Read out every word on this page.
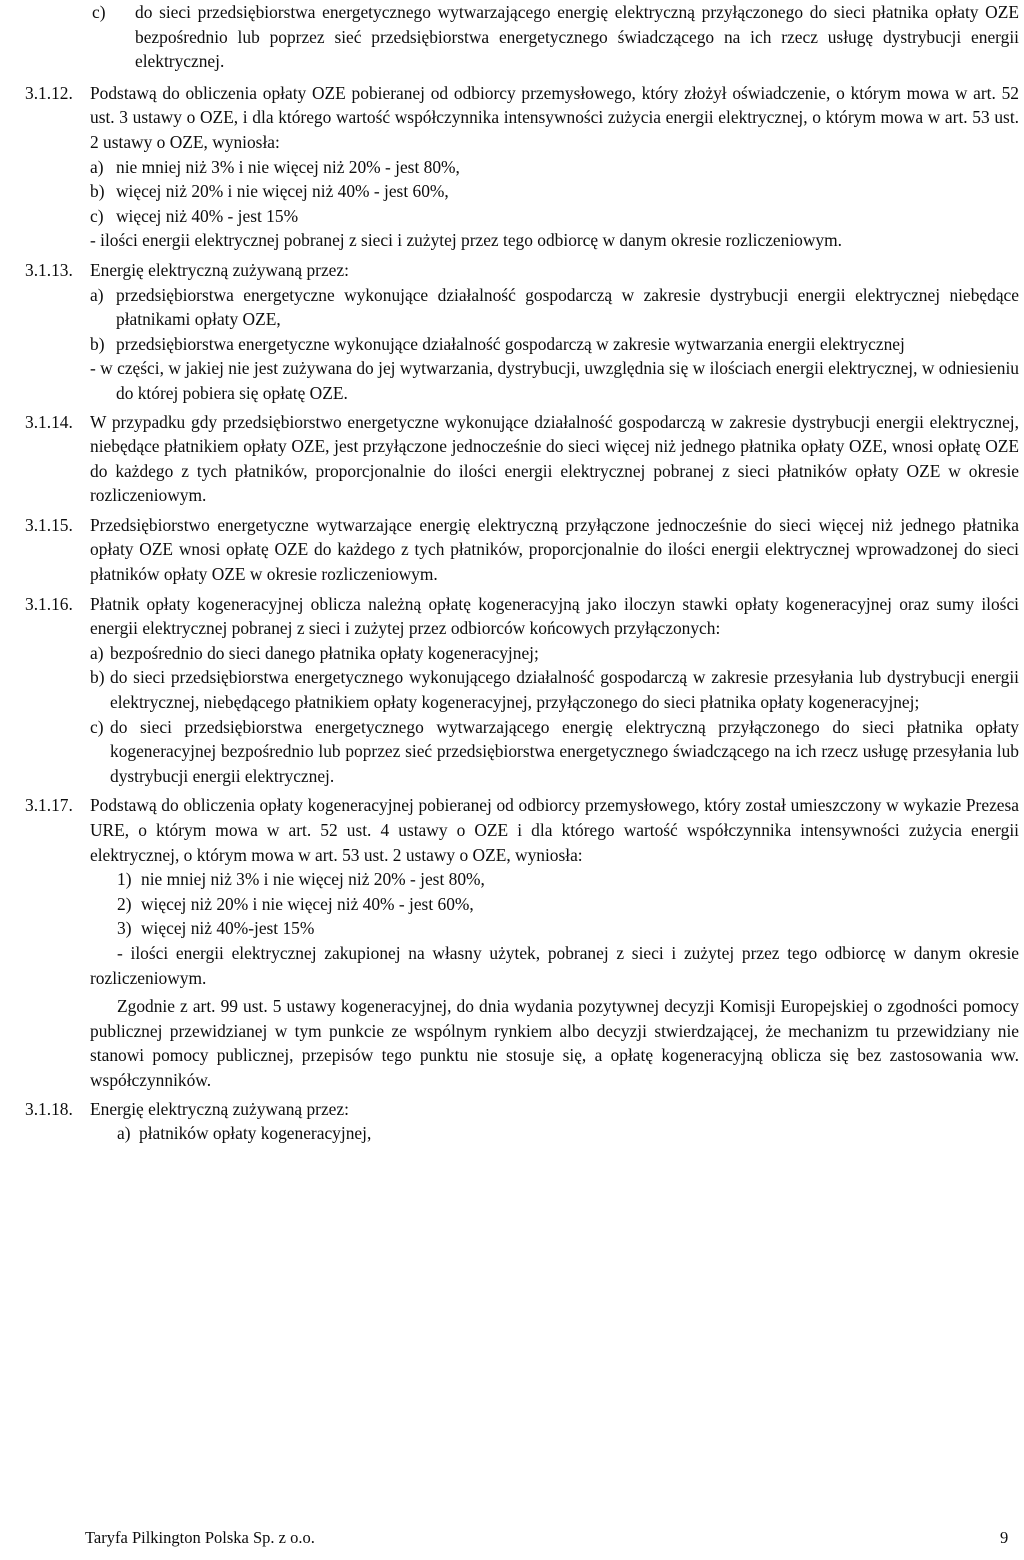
c) do sieci przedsiębiorstwa energetycznego wytwarzającego energię elektryczną przyłączonego do sieci płatnika opłaty OZE bezpośrednio lub poprzez sieć przedsiębiorstwa energetycznego świadczącego na ich rzecz usługę dystrybucji energii elektrycznej.
3.1.12. Podstawą do obliczenia opłaty OZE pobieranej od odbiorcy przemysłowego, który złożył oświadczenie, o którym mowa w art. 52 ust. 3 ustawy o OZE, i dla którego wartość współczynnika intensywności zużycia energii elektrycznej, o którym mowa w art. 53 ust. 2 ustawy o OZE, wyniosła:
a) nie mniej niż 3% i nie więcej niż 20% - jest 80%,
b) więcej niż 20% i nie więcej niż 40% - jest 60%,
c) więcej niż 40% - jest 15%
- ilości energii elektrycznej pobranej z sieci i zużytej przez tego odbiorcę w danym okresie rozliczeniowym.
3.1.13. Energię elektryczną zużywaną przez:
a) przedsiębiorstwa energetyczne wykonujące działalność gospodarczą w zakresie dystrybucji energii elektrycznej niebędące płatnikami opłaty OZE,
b) przedsiębiorstwa energetyczne wykonujące działalność gospodarczą w zakresie wytwarzania energii elektrycznej
- w części, w jakiej nie jest zużywana do jej wytwarzania, dystrybucji, uwzględnia się w ilościach energii elektrycznej, w odniesieniu do której pobiera się opłatę OZE.
3.1.14. W przypadku gdy przedsiębiorstwo energetyczne wykonujące działalność gospodarczą w zakresie dystrybucji energii elektrycznej, niebędące płatnikiem opłaty OZE, jest przyłączone jednocześnie do sieci więcej niż jednego płatnika opłaty OZE, wnosi opłatę OZE do każdego z tych płatników, proporcjonalnie do ilości energii elektrycznej pobranej z sieci płatników opłaty OZE w okresie rozliczeniowym.
3.1.15. Przedsiębiorstwo energetyczne wytwarzające energię elektryczną przyłączone jednocześnie do sieci więcej niż jednego płatnika opłaty OZE wnosi opłatę OZE do każdego z tych płatników, proporcjonalnie do ilości energii elektrycznej wprowadzonej do sieci płatników opłaty OZE w okresie rozliczeniowym.
3.1.16. Płatnik opłaty kogeneracyjnej oblicza należną opłatę kogeneracyjną jako iloczyn stawki opłaty kogeneracyjnej oraz sumy ilości energii elektrycznej pobranej z sieci i zużytej przez odbiorców końcowych przyłączonych:
a) bezpośrednio do sieci danego płatnika opłaty kogeneracyjnej;
b) do sieci przedsiębiorstwa energetycznego wykonującego działalność gospodarczą w zakresie przesyłania lub dystrybucji energii elektrycznej, niebędącego płatnikiem opłaty kogeneracyjnej, przyłączonego do sieci płatnika opłaty kogeneracyjnej;
c) do sieci przedsiębiorstwa energetycznego wytwarzającego energię elektryczną przyłączonego do sieci płatnika opłaty kogeneracyjnej bezpośrednio lub poprzez sieć przedsiębiorstwa energetycznego świadczącego na ich rzecz usługę przesyłania lub dystrybucji energii elektrycznej.
3.1.17. Podstawą do obliczenia opłaty kogeneracyjnej pobieranej od odbiorcy przemysłowego, który został umieszczony w wykazie Prezesa URE, o którym mowa w art. 52 ust. 4 ustawy o OZE i dla którego wartość współczynnika intensywności zużycia energii elektrycznej, o którym mowa w art. 53 ust. 2 ustawy o OZE, wyniosła:
1) nie mniej niż 3% i nie więcej niż 20% - jest 80%,
2) więcej niż 20% i nie więcej niż 40% - jest 60%,
3) więcej niż 40%-jest 15%
- ilości energii elektrycznej zakupionej na własny użytek, pobranej z sieci i zużytej przez tego odbiorcę w danym okresie rozliczeniowym.
Zgodnie z art. 99 ust. 5 ustawy kogeneracyjnej, do dnia wydania pozytywnej decyzji Komisji Europejskiej o zgodności pomocy publicznej przewidzianej w tym punkcie ze wspólnym rynkiem albo decyzji stwierdzającej, że mechanizm tu przewidziany nie stanowi pomocy publicznej, przepisów tego punktu nie stosuje się, a opłatę kogeneracyjną oblicza się bez zastosowania ww. współczynników.
3.1.18. Energię elektryczną zużywaną przez:
a) płatników opłaty kogeneracyjnej,
Taryfa Pilkington Polska Sp. z o.o.	9
